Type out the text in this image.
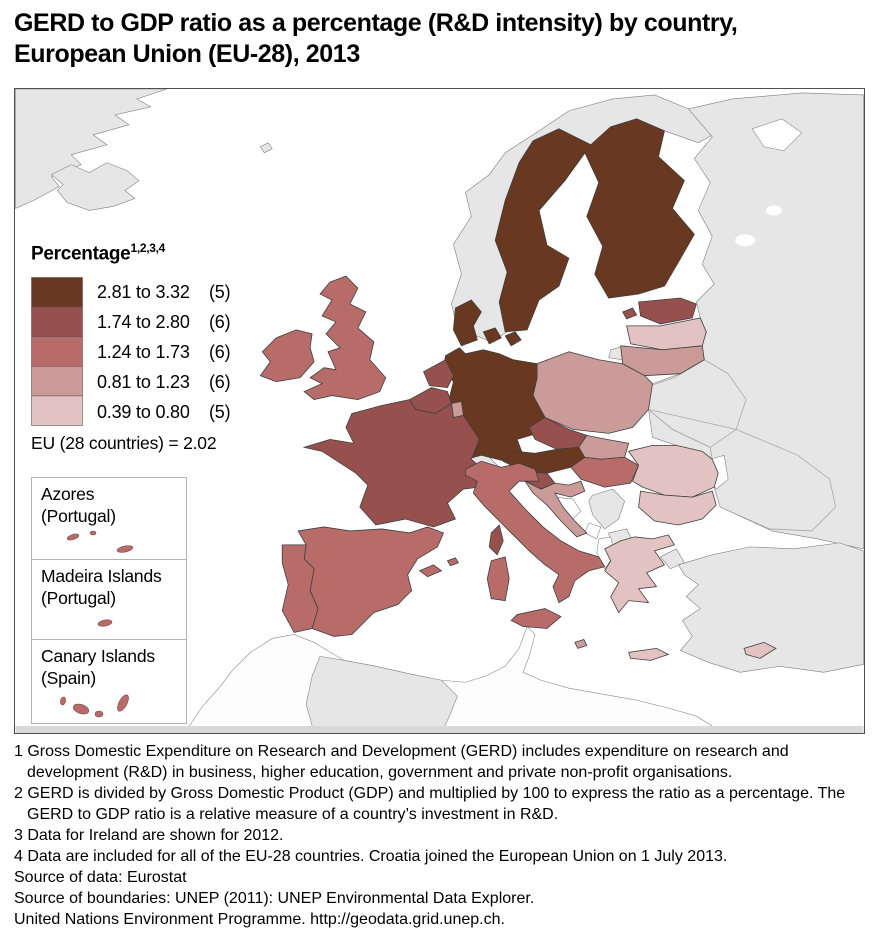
GERD to GDP ratio as a percentage (R&D intensity) by country,
European Union (EU-28), 2013
Percentage$^{1,2,3,4}$
2.81 to 3.32 (5)
1.74 to 2.80 (6)
1.24 to 1.73 (6)
0.81 to 1.23 (6)
0.39 to 0.80 (5)
EU (28 countries) = 2.02
Azores
(Portugal)
Madeira Islands
(Portugal)
Canary Islands
(Spain)
1 Gross Domestic Expenditure on Research and Development (GERD) includes expenditure on research and development (R&D) in business, higher education, government and private non-profit organisations.
2 GERD is divided by Gross Domestic Product (GDP) and multiplied by 100 to express the ratio as a percentage. The GERD to GDP ratio is a relative measure of a country’s investment in R&D.
3 Data for Ireland are shown for 2012.
4 Data are included for all of the EU-28 countries. Croatia joined the European Union on 1 July 2013.
Source of data: Eurostat
Source of boundaries: UNEP (2011): UNEP Environmental Data Explorer.
United Nations Environment Programme. http://geodata.grid.unep.ch.
